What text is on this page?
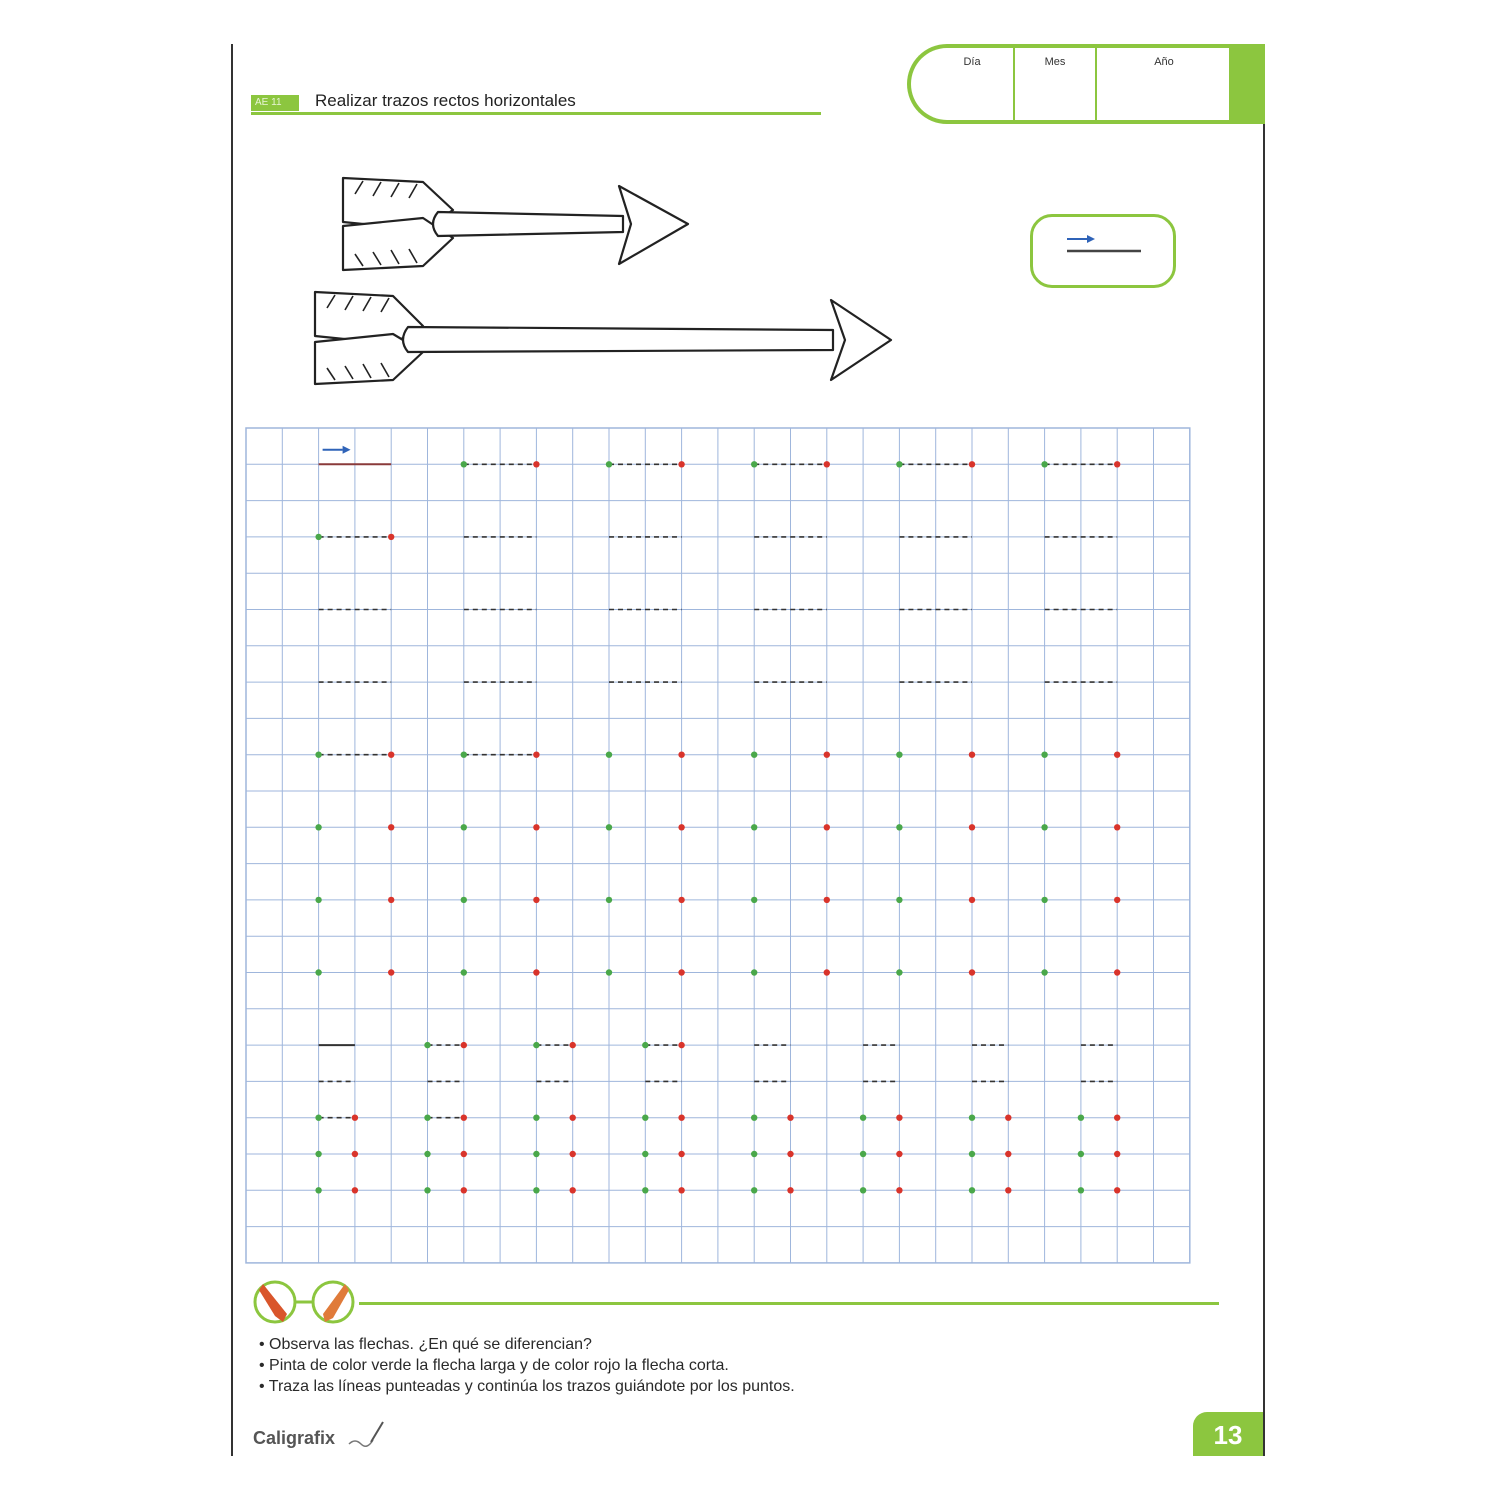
AE 11	Realizar trazos rectos horizontales
Día	Mes	Año
• Observa las flechas. ¿En qué se diferencian?
• Pinta de color verde la flecha larga y de color rojo la flecha corta.
• Traza las líneas punteadas y continúa los trazos guiándote por los puntos.
Caligrafix	13
